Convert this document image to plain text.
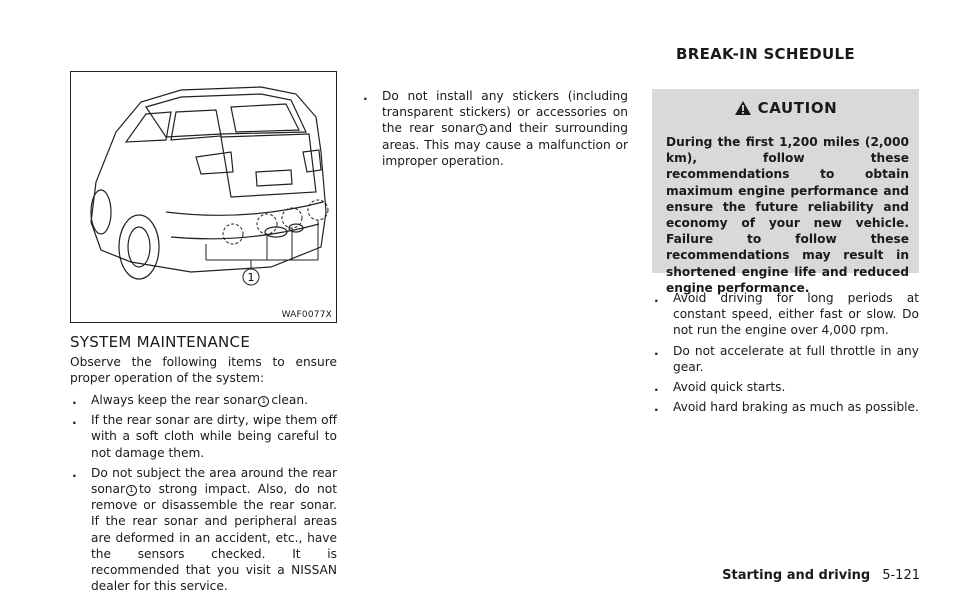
1
WAF0077X
SYSTEM MAINTENANCE
Observe the following items to ensure proper operation of the system:
. Always keep the rear sonar 1 clean.
. If the rear sonar are dirty, wipe them off with a soft cloth while being careful to not damage them.
. Do not subject the area around the rear sonar 1 to strong impact. Also, do not remove or disassemble the rear sonar. If the rear sonar and peripheral areas are deformed in an accident, etc., have the sensors checked. It is recommended that you visit a NISSAN dealer for this service.
. Do not install any stickers (including transparent stickers) or accessories on the rear sonar 1 and their surrounding areas. This may cause a malfunction or improper operation.
BREAK-IN SCHEDULE
CAUTION
During the first 1,200 miles (2,000 km), follow these recommendations to obtain maximum engine performance and ensure the future reliability and economy of your new vehicle. Failure to follow these recommendations may result in shortened engine life and reduced engine performance.
. Avoid driving for long periods at constant speed, either fast or slow. Do not run the engine over 4,000 rpm.
. Do not accelerate at full throttle in any gear.
. Avoid quick starts.
. Avoid hard braking as much as possible.
Starting and driving 5-121
